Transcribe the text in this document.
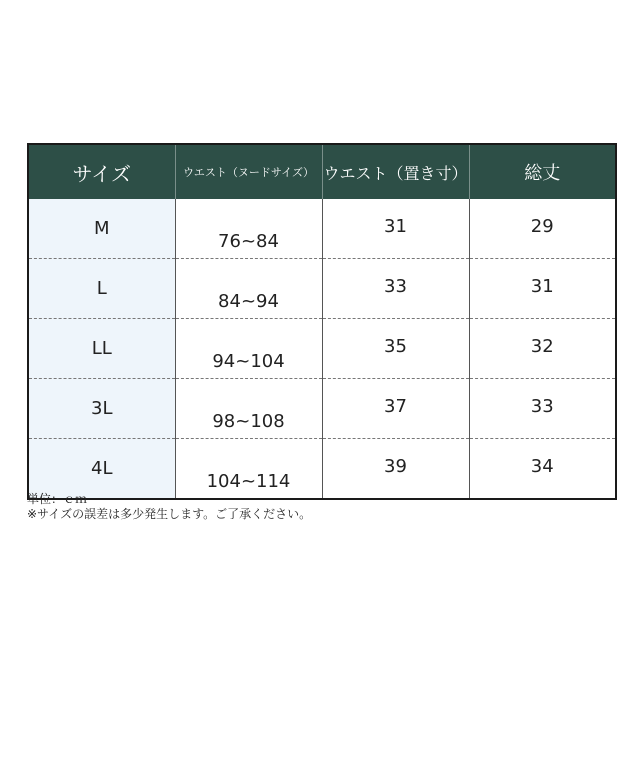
サイズ	ウエスト（ヌードサイズ）	ウエスト（置き寸）	総丈
M	76~84	31	29
L	84~94	33	31
LL	94~104	35	32
3L	98~108	37	33
4L	104~114	39	34
単位：ｃｍ
※サイズの誤差は多少発生します。ご了承ください。
